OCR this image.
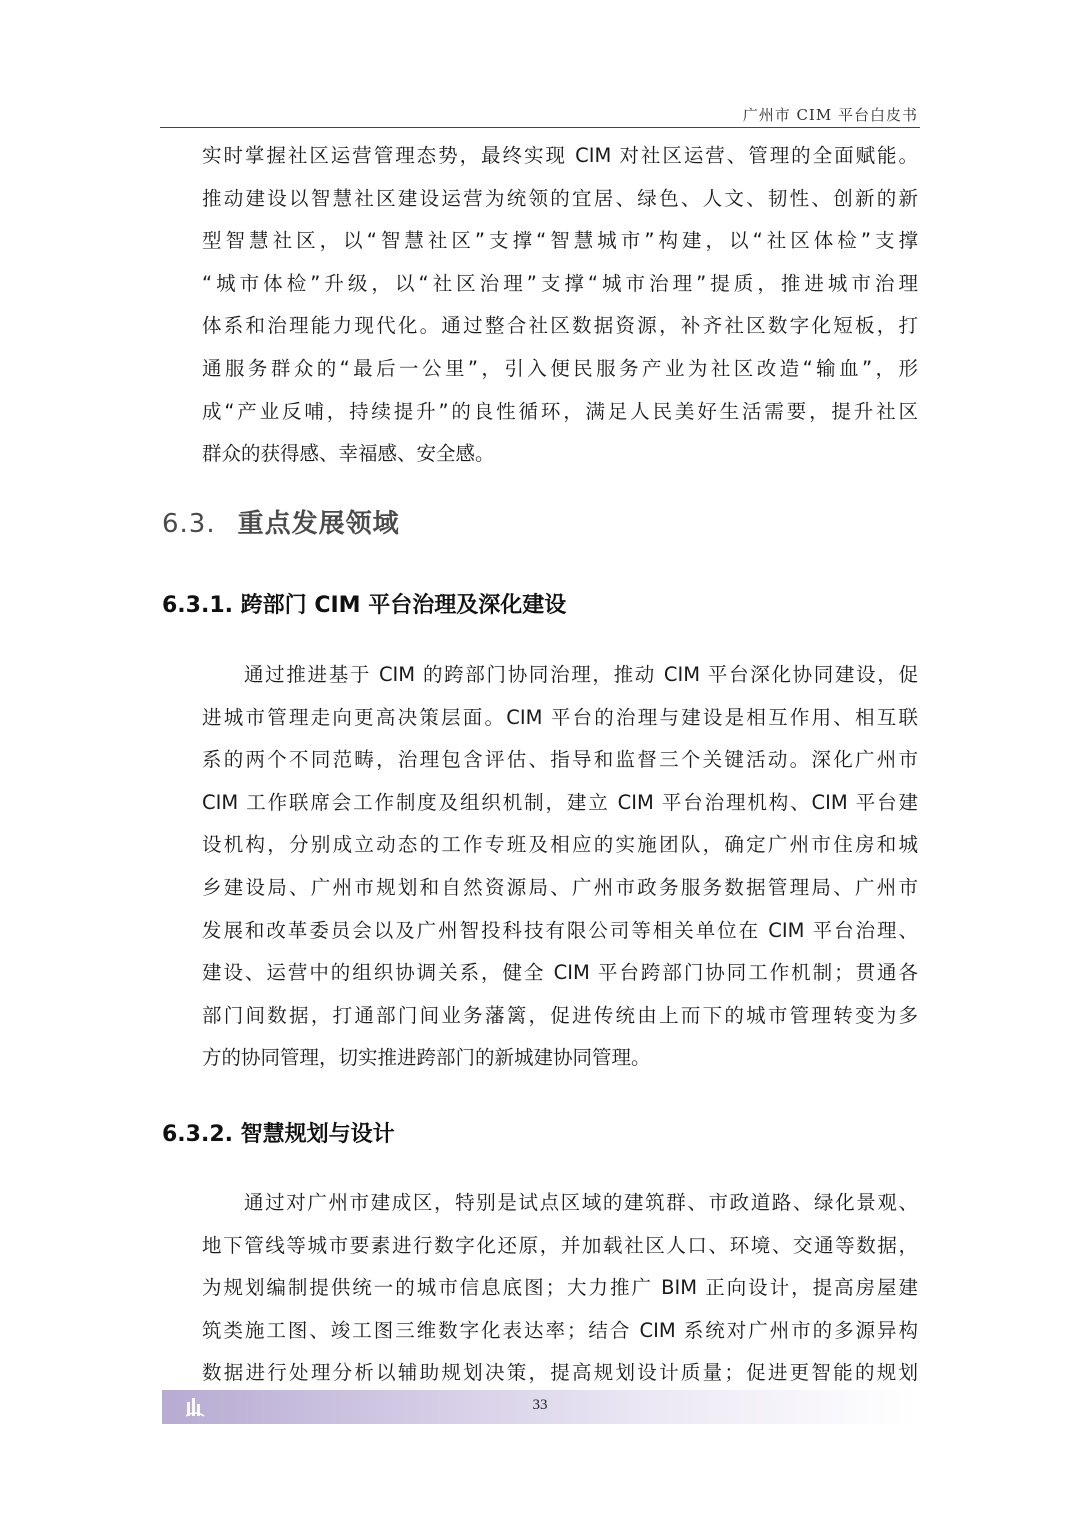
广州市 CIM 平台白皮书
实时掌握社区运营管理态势，最终实现 CIM 对社区运营、管理的全面赋能。
推动建设以智慧社区建设运营为统领的宜居、绿色、人文、韧性、创新的新
型智慧社区，以“智慧社区”支撑“智慧城市”构建，以“社区体检”支撑
“城市体检”升级，以“社区治理”支撑“城市治理”提质，推进城市治理
体系和治理能力现代化。通过整合社区数据资源，补齐社区数字化短板，打
通服务群众的“最后一公里”，引入便民服务产业为社区改造“输血”，形
成“产业反哺，持续提升”的良性循环，满足人民美好生活需要，提升社区
群众的获得感、幸福感、安全感。
6.3. 重点发展领域
6.3.1. 跨部门 CIM 平台治理及深化建设
通过推进基于 CIM 的跨部门协同治理，推动 CIM 平台深化协同建设，促
进城市管理走向更高决策层面。CIM 平台的治理与建设是相互作用、相互联
系的两个不同范畴，治理包含评估、指导和监督三个关键活动。深化广州市
CIM 工作联席会工作制度及组织机制，建立 CIM 平台治理机构、CIM 平台建
设机构，分别成立动态的工作专班及相应的实施团队，确定广州市住房和城
乡建设局、广州市规划和自然资源局、广州市政务服务数据管理局、广州市
发展和改革委员会以及广州智投科技有限公司等相关单位在 CIM 平台治理、
建设、运营中的组织协调关系，健全 CIM 平台跨部门协同工作机制；贯通各
部门间数据，打通部门间业务藩篱，促进传统由上而下的城市管理转变为多
方的协同管理，切实推进跨部门的新城建协同管理。
6.3.2. 智慧规划与设计
通过对广州市建成区，特别是试点区域的建筑群、市政道路、绿化景观、
地下管线等城市要素进行数字化还原，并加载社区人口、环境、交通等数据，
为规划编制提供统一的城市信息底图；大力推广 BIM 正向设计，提高房屋建
筑类施工图、竣工图三维数字化表达率；结合 CIM 系统对广州市的多源异构
数据进行处理分析以辅助规划决策，提高规划设计质量；促进更智能的规划
33
